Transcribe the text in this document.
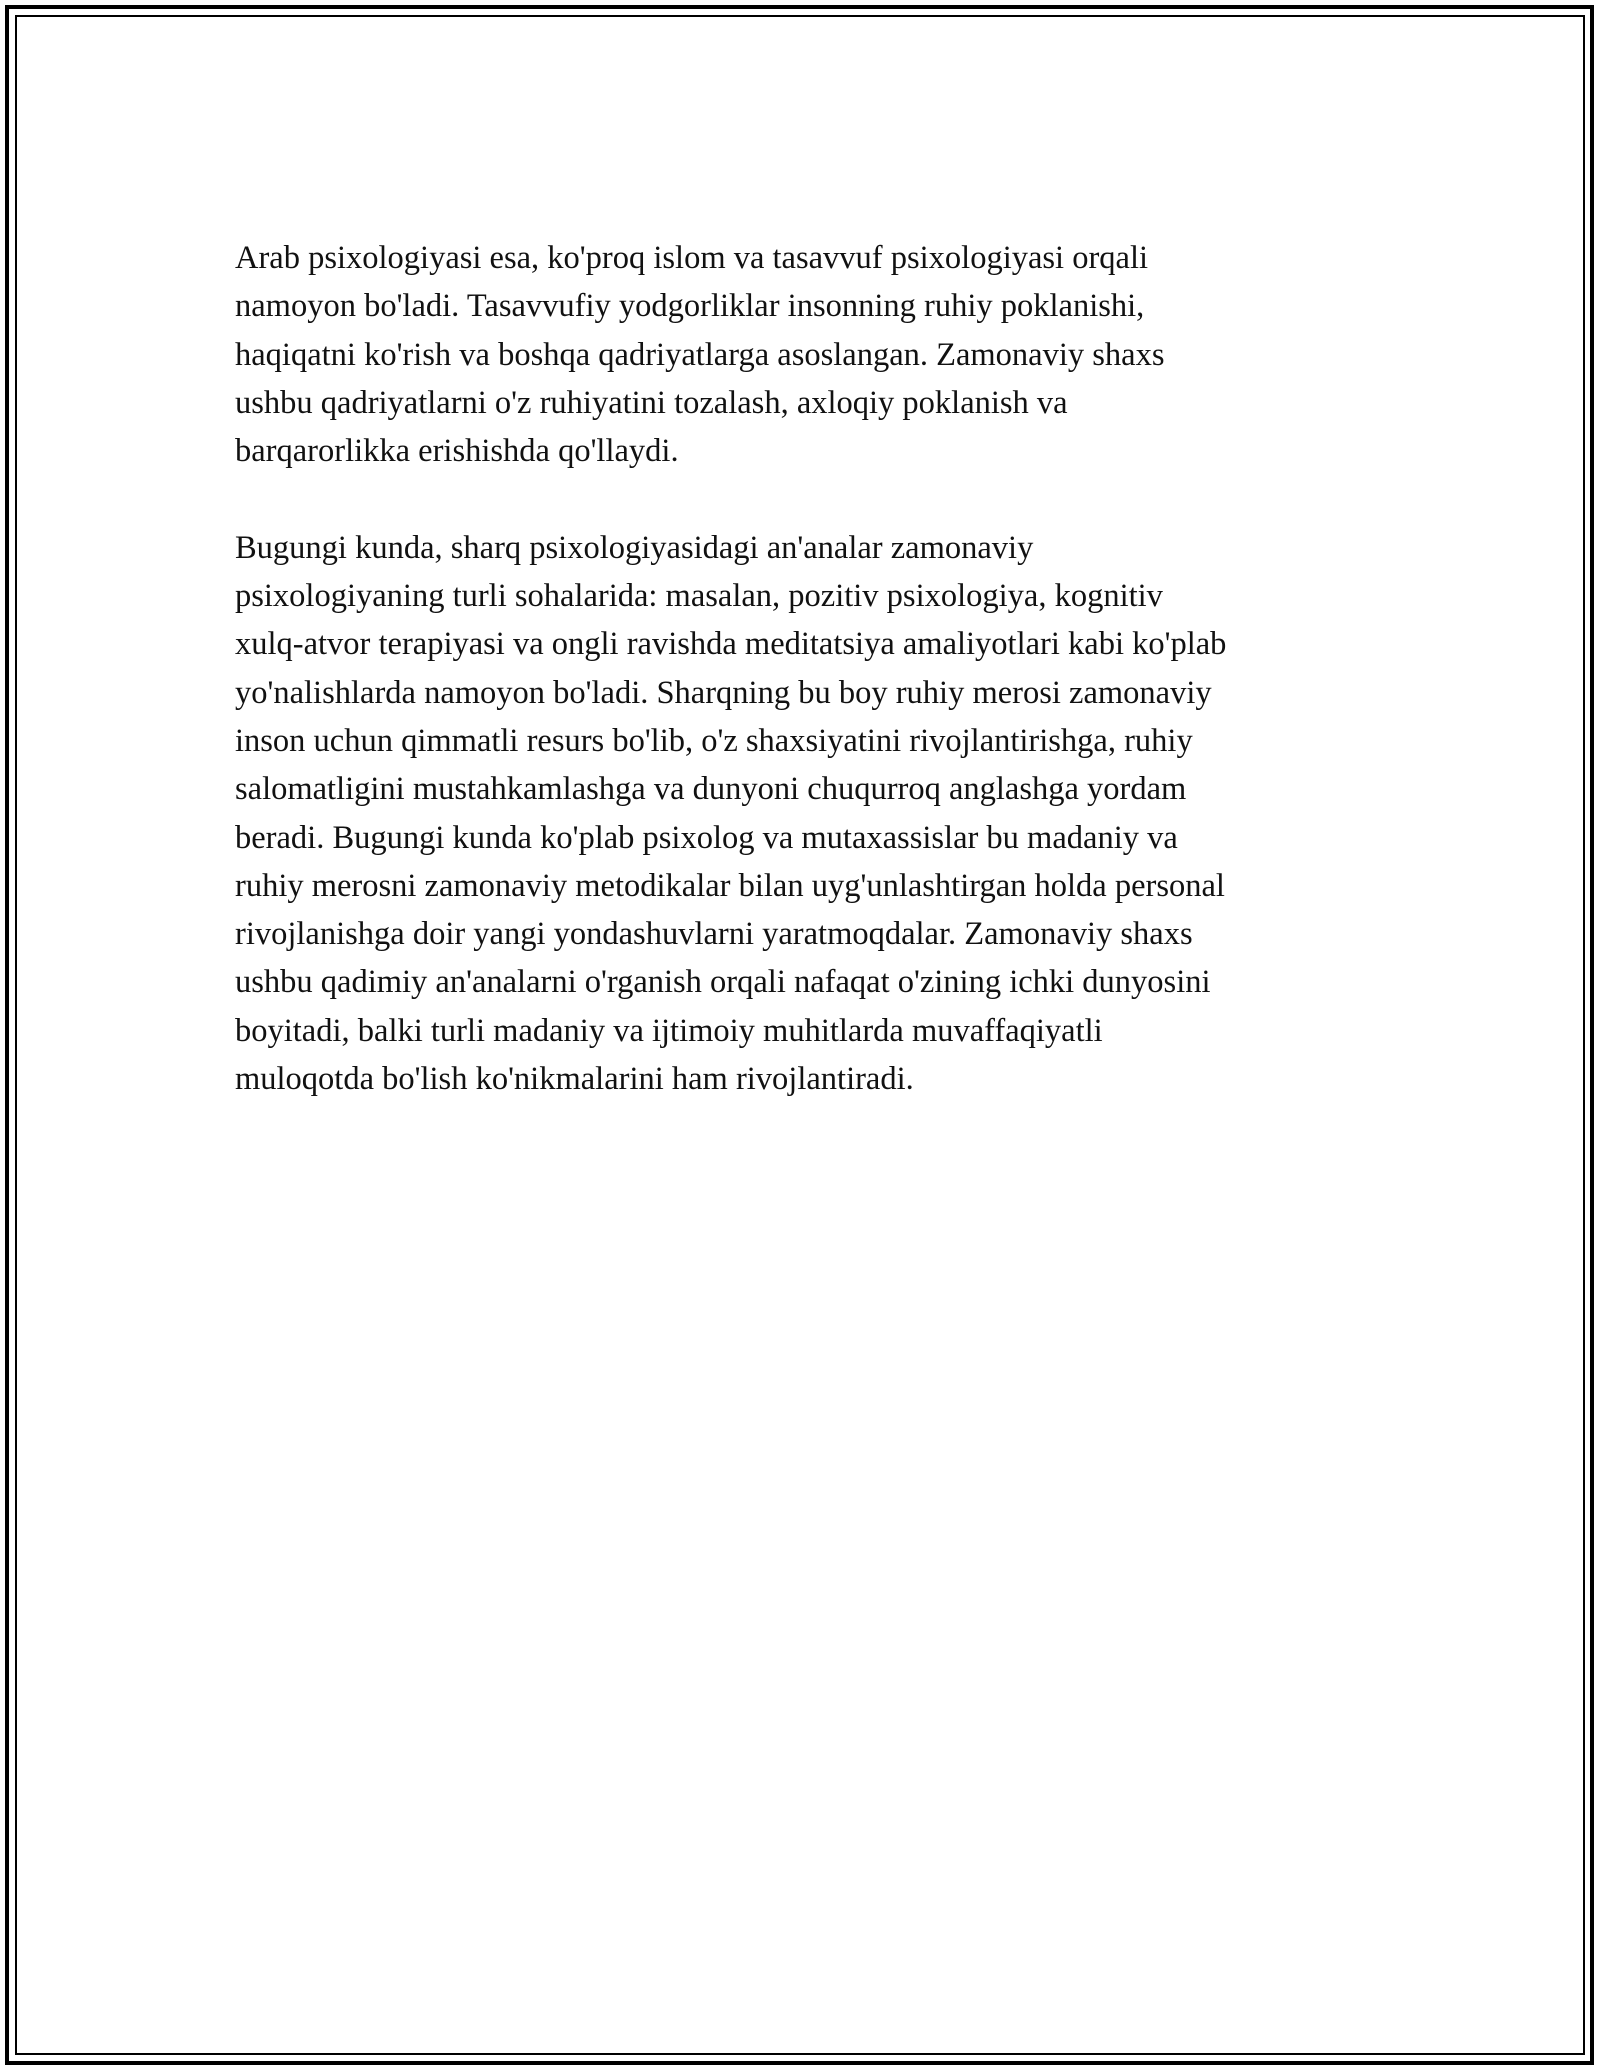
Arab psixologiyasi esa, ko'proq islom va tasavvuf psixologiyasi orqali
namoyon bo'ladi. Tasavvufiy yodgorliklar insonning ruhiy poklanishi,
haqiqatni ko'rish va boshqa qadriyatlarga asoslangan. Zamonaviy shaxs
ushbu qadriyatlarni o'z ruhiyatini tozalash, axloqiy poklanish va
barqarorlikka erishishda qo'llaydi.

Bugungi kunda, sharq psixologiyasidagi an'analar zamonaviy
psixologiyaning turli sohalarida: masalan, pozitiv psixologiya, kognitiv
xulq-atvor terapiyasi va ongli ravishda meditatsiya amaliyotlari kabi ko'plab
yo'nalishlarda namoyon bo'ladi. Sharqning bu boy ruhiy merosi zamonaviy
inson uchun qimmatli resurs bo'lib, o'z shaxsiyatini rivojlantirishga, ruhiy
salomatligini mustahkamlashga va dunyoni chuqurroq anglashga yordam
beradi. Bugungi kunda ko'plab psixolog va mutaxassislar bu madaniy va
ruhiy merosni zamonaviy metodikalar bilan uyg'unlashtirgan holda personal
rivojlanishga doir yangi yondashuvlarni yaratmoqdalar. Zamonaviy shaxs
ushbu qadimiy an'analarni o'rganish orqali nafaqat o'zining ichki dunyosini
boyitadi, balki turli madaniy va ijtimoiy muhitlarda muvaffaqiyatli
muloqotda bo'lish ko'nikmalarini ham rivojlantiradi.
